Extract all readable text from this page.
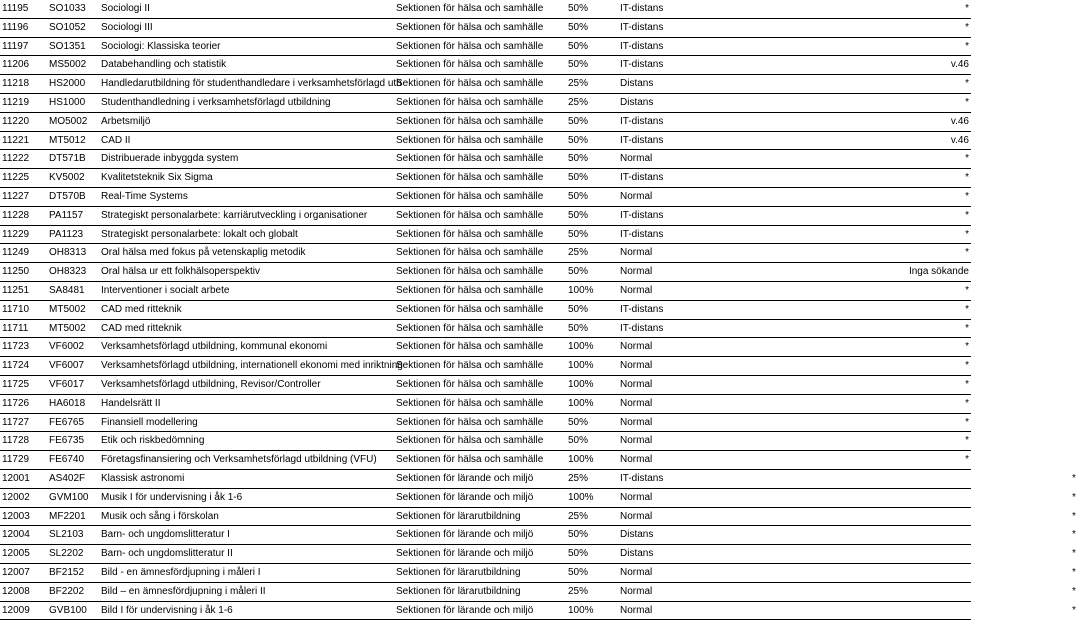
11195	SO1033	Sociologi II	Sektionen för hälsa och samhälle	50%	IT-distans	*
11196	SO1052	Sociologi III	Sektionen för hälsa och samhälle	50%	IT-distans	*
11197	SO1351	Sociologi: Klassiska teorier	Sektionen för hälsa och samhälle	50%	IT-distans	*
11206	MS5002	Databehandling och statistik	Sektionen för hälsa och samhälle	50%	IT-distans	v.46
11218	HS2000	Handledarutbildning för studenthandledare i verksamhetsförlagd utb	Sektionen för hälsa och samhälle	25%	Distans	*
11219	HS1000	Studenthandledning i verksamhetsförlagd utbildning	Sektionen för hälsa och samhälle	25%	Distans	*
11220	MO5002	Arbetsmiljö	Sektionen för hälsa och samhälle	50%	IT-distans	v.46
11221	MT5012	CAD II	Sektionen för hälsa och samhälle	50%	IT-distans	v.46
11222	DT571B	Distribuerade inbyggda system	Sektionen för hälsa och samhälle	50%	Normal	*
11225	KV5002	Kvalitetsteknik Six Sigma	Sektionen för hälsa och samhälle	50%	IT-distans	*
11227	DT570B	Real-Time Systems	Sektionen för hälsa och samhälle	50%	Normal	*
11228	PA1157	Strategiskt personalarbete: karriärutveckling i organisationer	Sektionen för hälsa och samhälle	50%	IT-distans	*
11229	PA1123	Strategiskt personalarbete: lokalt och globalt	Sektionen för hälsa och samhälle	50%	IT-distans	*
11249	OH8313	Oral hälsa med fokus på vetenskaplig metodik	Sektionen för hälsa och samhälle	25%	Normal	*
11250	OH8323	Oral hälsa ur ett folkhälsoperspektiv	Sektionen för hälsa och samhälle	50%	Normal	Inga sökande
11251	SA8481	Interventioner i socialt arbete	Sektionen för hälsa och samhälle	100%	Normal	*
11710	MT5002	CAD med ritteknik	Sektionen för hälsa och samhälle	50%	IT-distans	*
11711	MT5002	CAD med ritteknik	Sektionen för hälsa och samhälle	50%	IT-distans	*
11723	VF6002	Verksamhetsförlagd utbildning, kommunal ekonomi	Sektionen för hälsa och samhälle	100%	Normal	*
11724	VF6007	Verksamhetsförlagd utbildning, internationell ekonomi med inriktning	Sektionen för hälsa och samhälle	100%	Normal	*
11725	VF6017	Verksamhetsförlagd utbildning, Revisor/Controller	Sektionen för hälsa och samhälle	100%	Normal	*
11726	HA6018	Handelsrätt II	Sektionen för hälsa och samhälle	100%	Normal	*
11727	FE6765	Finansiell modellering	Sektionen för hälsa och samhälle	50%	Normal	*
11728	FE6735	Etik och riskbedömning	Sektionen för hälsa och samhälle	50%	Normal	*
11729	FE6740	Företagsfinansiering och Verksamhetsförlagd utbildning (VFU)	Sektionen för hälsa och samhälle	100%	Normal	*
12001	AS402F	Klassisk astronomi	Sektionen för lärande och miljö	25%	IT-distans	*
12002	GVM100	Musik I för undervisning i åk 1-6	Sektionen för lärande och miljö	100%	Normal	*
12003	MF2201	Musik och sång i förskolan	Sektionen för lärarutbildning	25%	Normal	*
12004	SL2103	Barn- och ungdomslitteratur I	Sektionen för lärande och miljö	50%	Distans	*
12005	SL2202	Barn- och ungdomslitteratur II	Sektionen för lärande och miljö	50%	Distans	*
12007	BF2152	Bild - en ämnesfördjupning i måleri I	Sektionen för lärarutbildning	50%	Normal	*
12008	BF2202	Bild – en ämnesfördjupning i måleri II	Sektionen för lärarutbildning	25%	Normal	*
12009	GVB100	Bild I för undervisning i åk 1-6	Sektionen för lärande och miljö	100%	Normal	*
